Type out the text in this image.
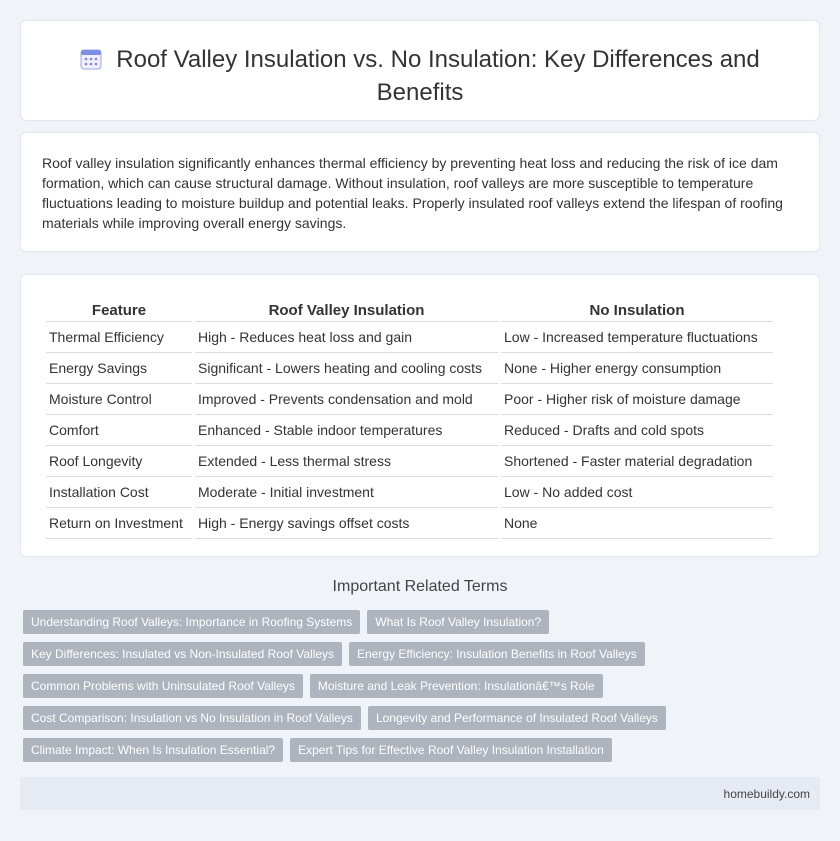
Roof Valley Insulation vs. No Insulation: Key Differences and Benefits

Roof valley insulation significantly enhances thermal efficiency by preventing heat loss and reducing the risk of ice dam formation, which can cause structural damage. Without insulation, roof valleys are more susceptible to temperature fluctuations leading to moisture buildup and potential leaks. Properly insulated roof valleys extend the lifespan of roofing materials while improving overall energy savings.

Feature	Roof Valley Insulation	No Insulation
Thermal Efficiency	High - Reduces heat loss and gain	Low - Increased temperature fluctuations
Energy Savings	Significant - Lowers heating and cooling costs	None - Higher energy consumption
Moisture Control	Improved - Prevents condensation and mold	Poor - Higher risk of moisture damage
Comfort	Enhanced - Stable indoor temperatures	Reduced - Drafts and cold spots
Roof Longevity	Extended - Less thermal stress	Shortened - Faster material degradation
Installation Cost	Moderate - Initial investment	Low - No added cost
Return on Investment	High - Energy savings offset costs	None
Important Related Terms
Understanding Roof Valleys: Importance in Roofing Systems What Is Roof Valley Insulation?
Key Differences: Insulated vs Non-Insulated Roof Valleys Energy Efficiency: Insulation Benefits in Roof Valleys
Common Problems with Uninsulated Roof Valleys Moisture and Leak Prevention: Insulationâ€™s Role
Cost Comparison: Insulation vs No Insulation in Roof Valleys Longevity and Performance of Insulated Roof Valleys
Climate Impact: When Is Insulation Essential? Expert Tips for Effective Roof Valley Insulation Installation
homebuildy.com
